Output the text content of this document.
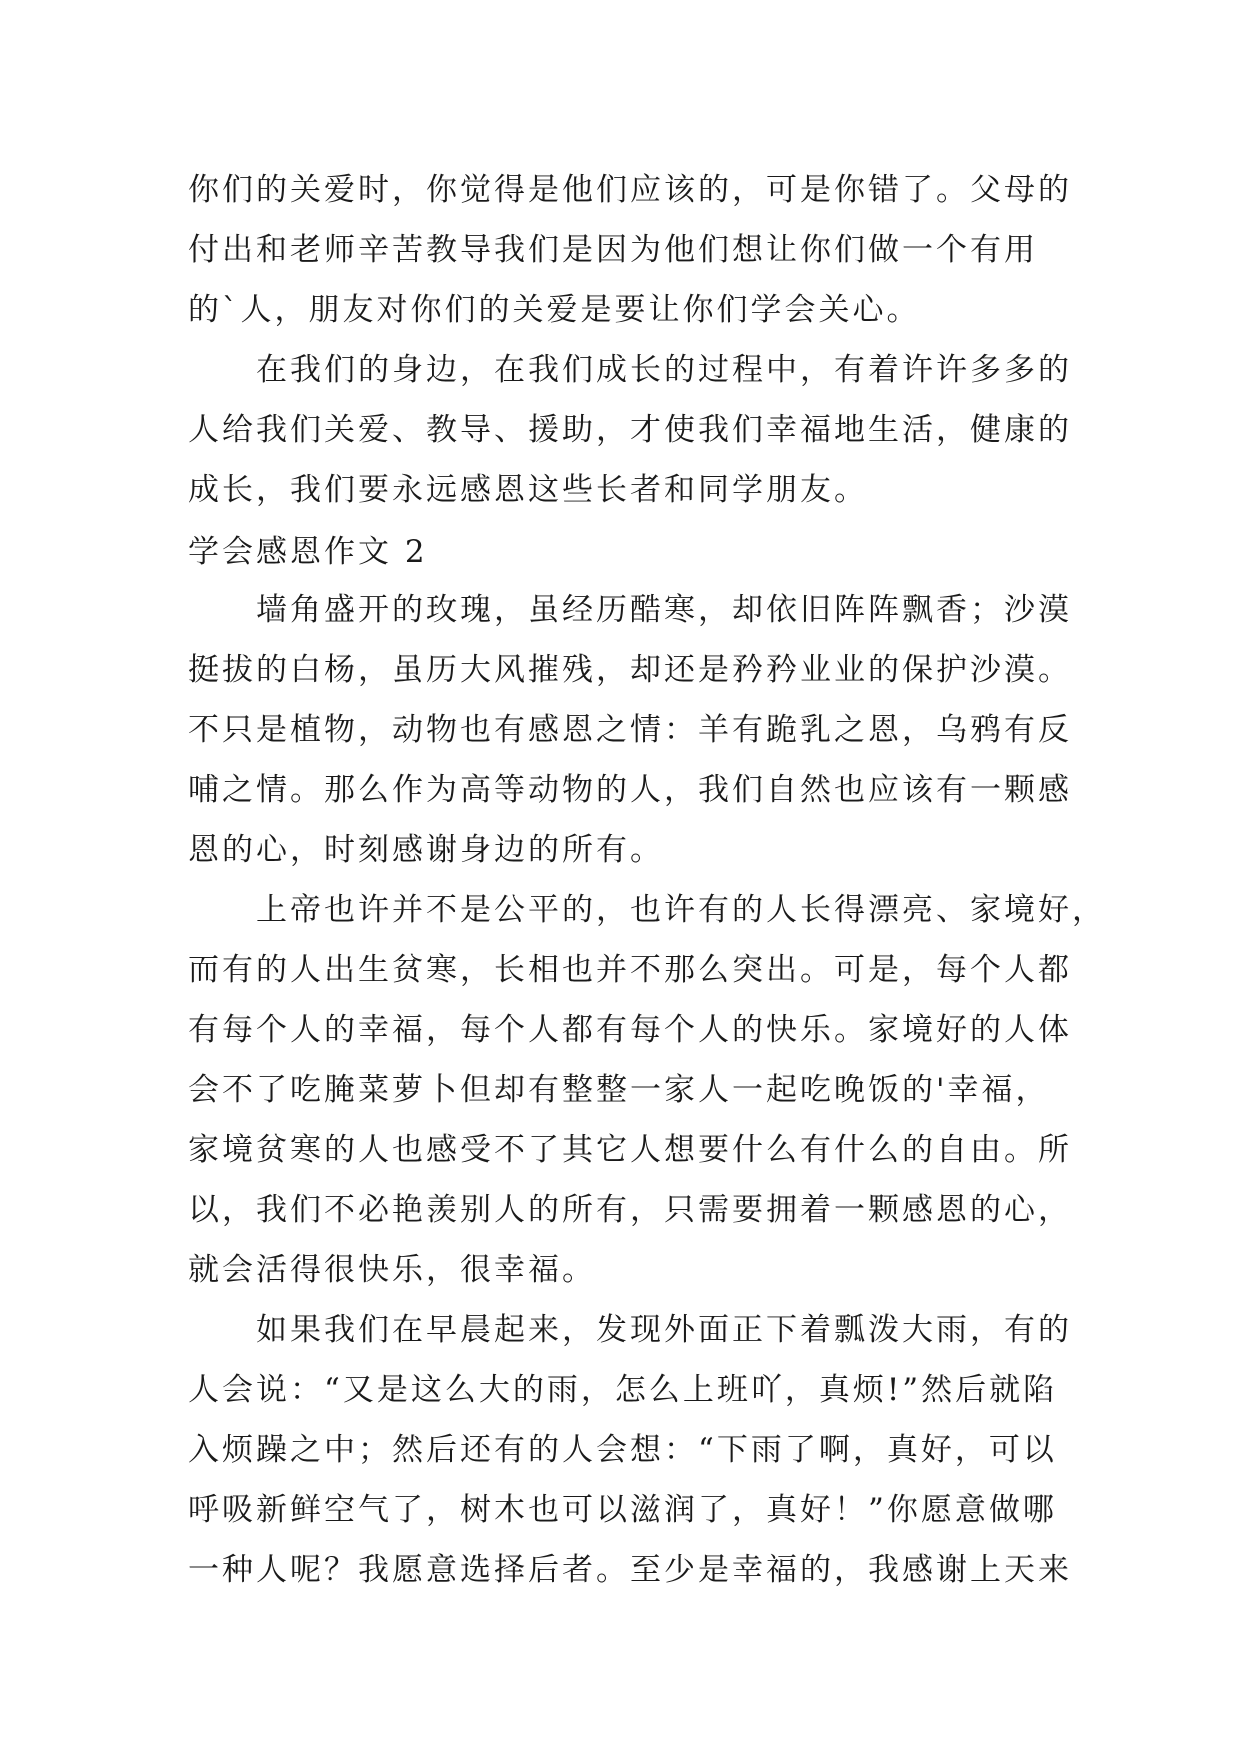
你们的关爱时，你觉得是他们应该的，可是你错了。父母的
付出和老师辛苦教导我们是因为他们想让你们做一个有用
的`人，朋友对你们的关爱是要让你们学会关心。
　　在我们的身边，在我们成长的过程中，有着许许多多的
人给我们关爱、教导、援助，才使我们幸福地生活，健康的
成长，我们要永远感恩这些长者和同学朋友。
学会感恩作文 2
　　墙角盛开的玫瑰，虽经历酷寒，却依旧阵阵飘香；沙漠
挺拔的白杨，虽历大风摧残，却还是矜矜业业的保护沙漠。
不只是植物，动物也有感恩之情：羊有跪乳之恩，乌鸦有反
哺之情。那么作为高等动物的人，我们自然也应该有一颗感
恩的心，时刻感谢身边的所有。
　　上帝也许并不是公平的，也许有的人长得漂亮、家境好，
而有的人出生贫寒，长相也并不那么突出。可是，每个人都
有每个人的幸福，每个人都有每个人的快乐。家境好的人体
会不了吃腌菜萝卜但却有整整一家人一起吃晚饭的'幸福，
家境贫寒的人也感受不了其它人想要什么有什么的自由。所
以，我们不必艳羡别人的所有，只需要拥着一颗感恩的心，
就会活得很快乐，很幸福。
　　如果我们在早晨起来，发现外面正下着瓢泼大雨，有的
人会说：“又是这么大的雨，怎么上班吖，真烦!”然后就陷
入烦躁之中；然后还有的人会想：“下雨了啊，真好，可以
呼吸新鲜空气了，树木也可以滋润了，真好！”你愿意做哪
一种人呢？我愿意选择后者。至少是幸福的，我感谢上天来
